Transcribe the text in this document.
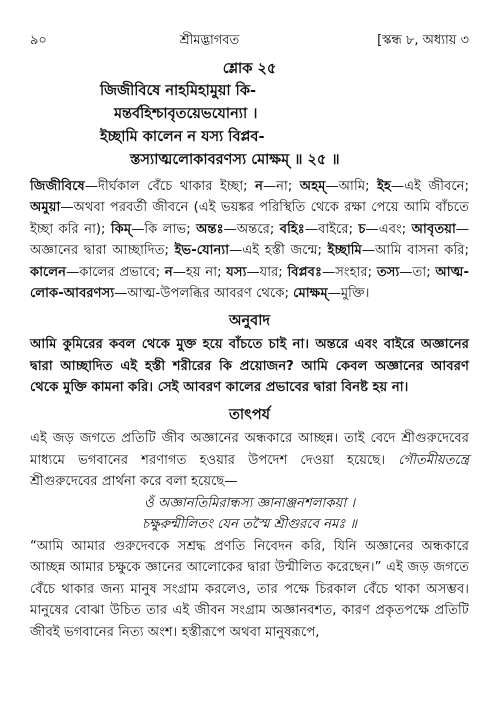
৯০	শ্রীমদ্ভাগবত	[স্কন্ধ ৮, অধ্যায় ৩
শ্লোক ২৫
জিজীবিষে নাহমিহামুয়া কি-
মন্তর্বহিশ্চাবৃতয়েভযোন্যা ।
ইচ্ছামি কালেন ন যস্য বিপ্লব-
স্তস্যাত্মলোকাবরণস্য মোক্ষম্ ॥ ২৫ ॥
জিজীবিষে—দীর্ঘকাল বেঁচে থাকার ইচ্ছা; ন—না; অহম্—আমি; ইহ—এই জীবনে; অমুয়া—অথবা পরবর্তী জীবনে (এই ভয়ঙ্কর পরিস্থিতি থেকে রক্ষা পেয়ে আমি বাঁচতে ইচ্ছা করি না); কিম্—কি লাভ; অন্তঃ—অন্তরে; বহিঃ—বাইরে; চ—এবং; আবৃতয়া—অজ্ঞানের দ্বারা আচ্ছাদিত; ইভ-যোন্যা—এই হস্তী জন্মে; ইচ্ছামি—আমি বাসনা করি; কালেন—কালের প্রভাবে; ন—হয় না; যস্য—যার; বিপ্লবঃ—সংহার; তস্য—তা; আত্ম-লোক-আবরণস্য—আত্ম-উপলব্ধির আবরণ থেকে; মোক্ষম্—মুক্তি।
অনুবাদ
আমি কুমিরের কবল থেকে মুক্ত হয়ে বাঁচতে চাই না। অন্তরে এবং বাইরে অজ্ঞানের দ্বারা আচ্ছাদিত এই হস্তী শরীরের কি প্রয়োজন? আমি কেবল অজ্ঞানের আবরণ থেকে মুক্তি কামনা করি। সেই আবরণ কালের প্রভাবের দ্বারা বিনষ্ট হয় না।
তাৎপর্য
এই জড় জগতে প্রতিটি জীব অজ্ঞানের অন্ধকারে আচ্ছন্ন। তাই বেদে শ্রীগুরুদেবের মাধ্যমে ভগবানের শরণাগত হওয়ার উপদেশ দেওয়া হয়েছে। গৌতমীয়তন্ত্রে শ্রীগুরুদেবের প্রার্থনা করে বলা হয়েছে—
ওঁ অজ্ঞানতিমিরান্ধস্য জ্ঞানাঞ্জনশলাকয়া ।
চক্ষুরুন্মীলিতং যেন তস্মৈ শ্রীগুরবে নমঃ ॥
“আমি আমার গুরুদেবকে সশ্রদ্ধ প্রণতি নিবেদন করি, যিনি অজ্ঞানের অন্ধকারে আচ্ছন্ন আমার চক্ষুকে জ্ঞানের আলোকের দ্বারা উন্মীলিত করেছেন।” এই জড় জগতে বেঁচে থাকার জন্য মানুষ সংগ্রাম করলেও, তার পক্ষে চিরকাল বেঁচে থাকা অসম্ভব। মানুষের বোঝা উচিত তার এই জীবন সংগ্রাম অজ্ঞানবশত, কারণ প্রকৃতপক্ষে প্রতিটি জীবই ভগবানের নিত্য অংশ। হস্তীরূপে অথবা মানুষরূপে,
